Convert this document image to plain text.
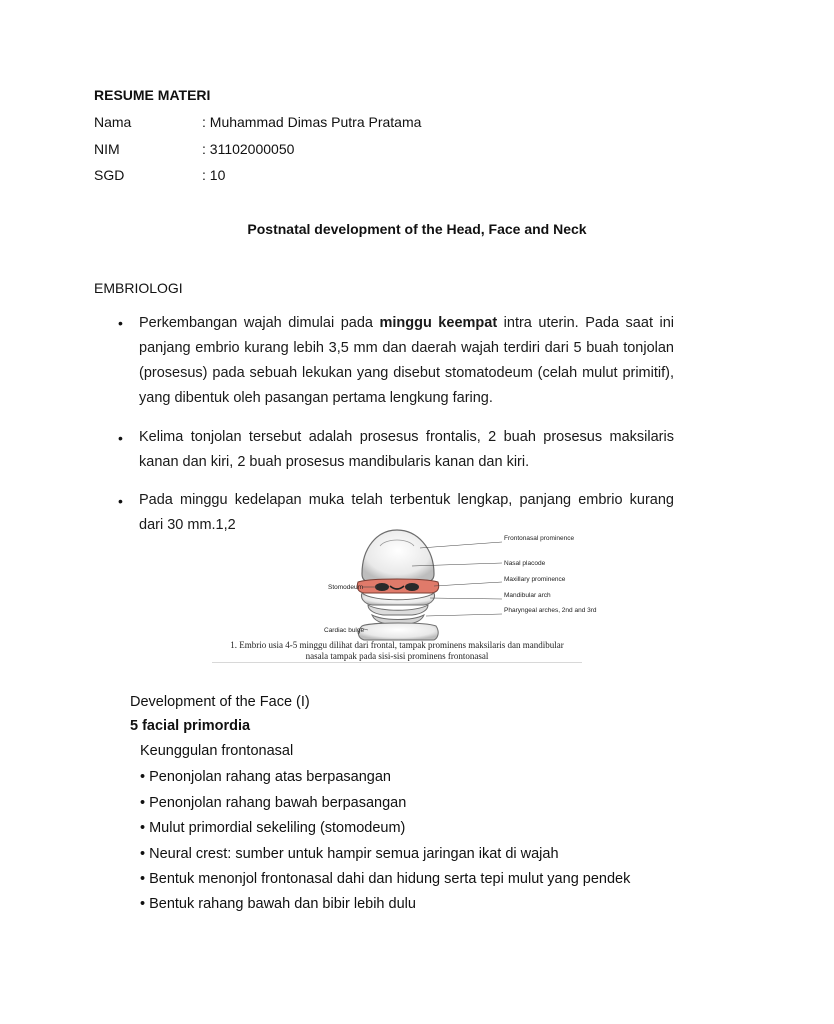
RESUME MATERI
Nama	: Muhammad Dimas Putra Pratama
NIM	: 31102000050
SGD	: 10
Postnatal development of the Head, Face and Neck
EMBRIOLOGI
• Perkembangan wajah dimulai pada minggu keempat intra uterin. Pada saat ini panjang embrio kurang lebih 3,5 mm dan daerah wajah terdiri dari 5 buah tonjolan (prosesus) pada sebuah lekukan yang disebut stomatodeum (celah mulut primitif), yang dibentuk oleh pasangan pertama lengkung faring.
• Kelima tonjolan tersebut adalah prosesus frontalis, 2 buah prosesus maksilaris kanan dan kiri, 2 buah prosesus mandibularis kanan dan kiri.
• Pada minggu kedelapan muka telah terbentuk lengkap, panjang embrio kurang dari 30 mm.1,2
Frontonasal prominence
Nasal placode
Maxillary prominence
Mandibular arch
Pharyngeal arches, 2nd and 3rd
Stomodeum
Cardiac bulge
1. Embrio usia 4-5 minggu dilihat dari frontal, tampak prominens maksilaris dan mandibular
nasala tampak pada sisi-sisi prominens frontonasal
Development of the Face (I)
5 facial primordia
Keunggulan frontonasal
• Penonjolan rahang atas berpasangan
• Penonjolan rahang bawah berpasangan
• Mulut primordial sekeliling (stomodeum)
• Neural crest: sumber untuk hampir semua jaringan ikat di wajah
• Bentuk menonjol frontonasal dahi dan hidung serta tepi mulut yang pendek
• Bentuk rahang bawah dan bibir lebih dulu
